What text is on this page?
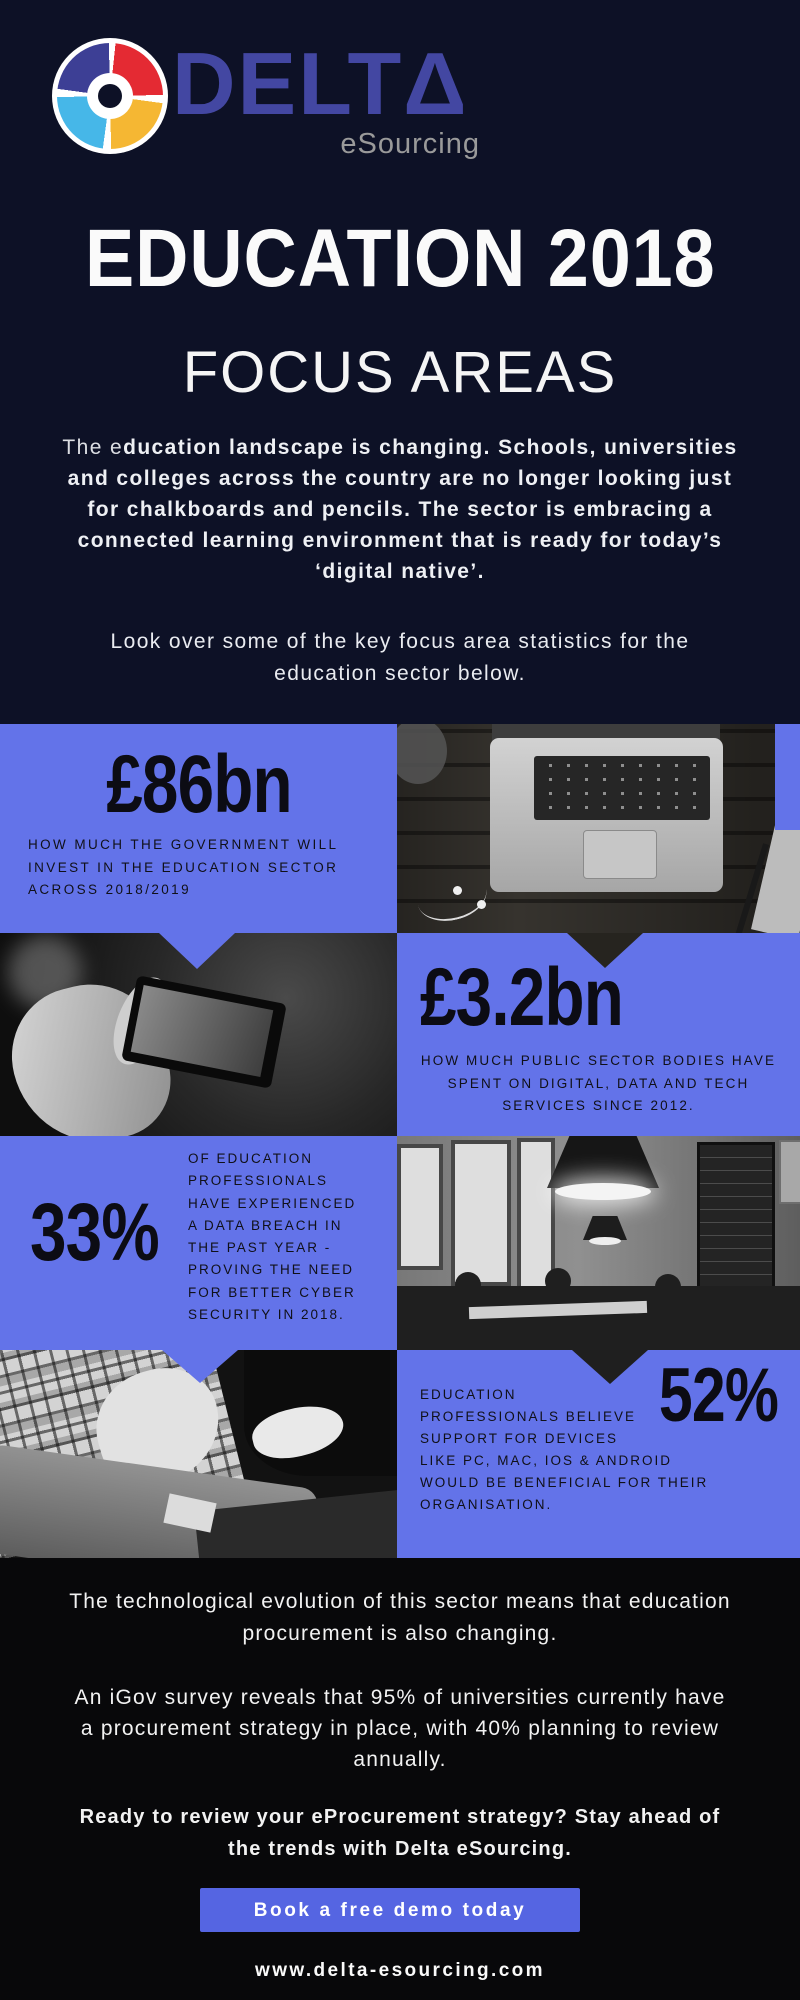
DELTΔ
eSourcing
EDUCATION 2018
FOCUS AREAS
The education landscape is changing. Schools, universities
and colleges across the country are no longer looking just
for chalkboards and pencils. The sector is embracing a
connected learning environment that is ready for today’s
‘digital native’.
Look over some of the key focus area statistics for the
education sector below.
£86bn
£3.2bn
33%
52%
HOW MUCH THE GOVERNMENT WILL
INVEST IN THE EDUCATION SECTOR
ACROSS 2018/2019
HOW MUCH PUBLIC SECTOR BODIES HAVE
SPENT ON DIGITAL, DATA AND TECH
SERVICES SINCE 2012.
OF EDUCATION
PROFESSIONALS
HAVE EXPERIENCED
A DATA BREACH IN
THE PAST YEAR -
PROVING THE NEED
FOR BETTER CYBER
SECURITY IN 2018.
EDUCATION
PROFESSIONALS BELIEVE
SUPPORT FOR DEVICES
LIKE PC, MAC, IOS & ANDROID
WOULD BE BENEFICIAL FOR THEIR
ORGANISATION.
The technological evolution of this sector means that education
procurement is also changing.
An iGov survey reveals that 95% of universities currently have
a procurement strategy in place, with 40% planning to review
annually.
Ready to review your eProcurement strategy? Stay ahead of
the trends with Delta eSourcing.
Book a free demo today
www.delta-esourcing.com
